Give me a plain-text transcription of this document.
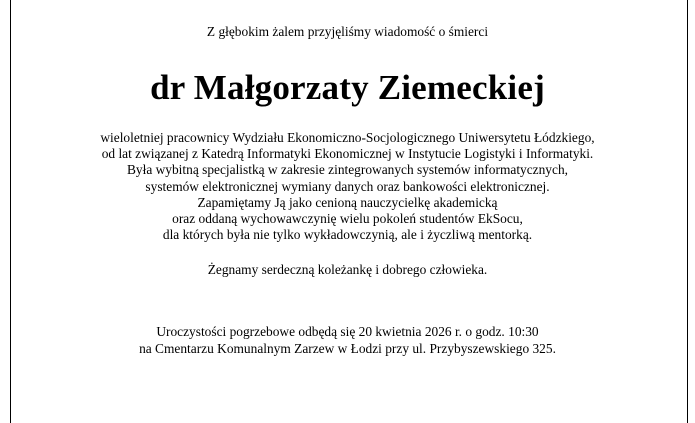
Z głębokim żalem przyjęliśmy wiadomość o śmierci
dr Małgorzaty Ziemeckiej
wieloletniej pracownicy Wydziału Ekonomiczno-Socjologicznego Uniwersytetu Łódzkiego,
od lat związanej z Katedrą Informatyki Ekonomicznej w Instytucie Logistyki i Informatyki.
Była wybitną specjalistką w zakresie zintegrowanych systemów informatycznych,
systemów elektronicznej wymiany danych oraz bankowości elektronicznej.
Zapamiętamy Ją jako cenioną nauczycielkę akademicką
oraz oddaną wychowawczynię wielu pokoleń studentów EkSocu,
dla których była nie tylko wykładowczynią, ale i życzliwą mentorką.
Żegnamy serdeczną koleżankę i dobrego człowieka.
Uroczystości pogrzebowe odbędą się 20 kwietnia 2026 r. o godz. 10:30
na Cmentarzu Komunalnym Zarzew w Łodzi przy ul. Przybyszewskiego 325.
